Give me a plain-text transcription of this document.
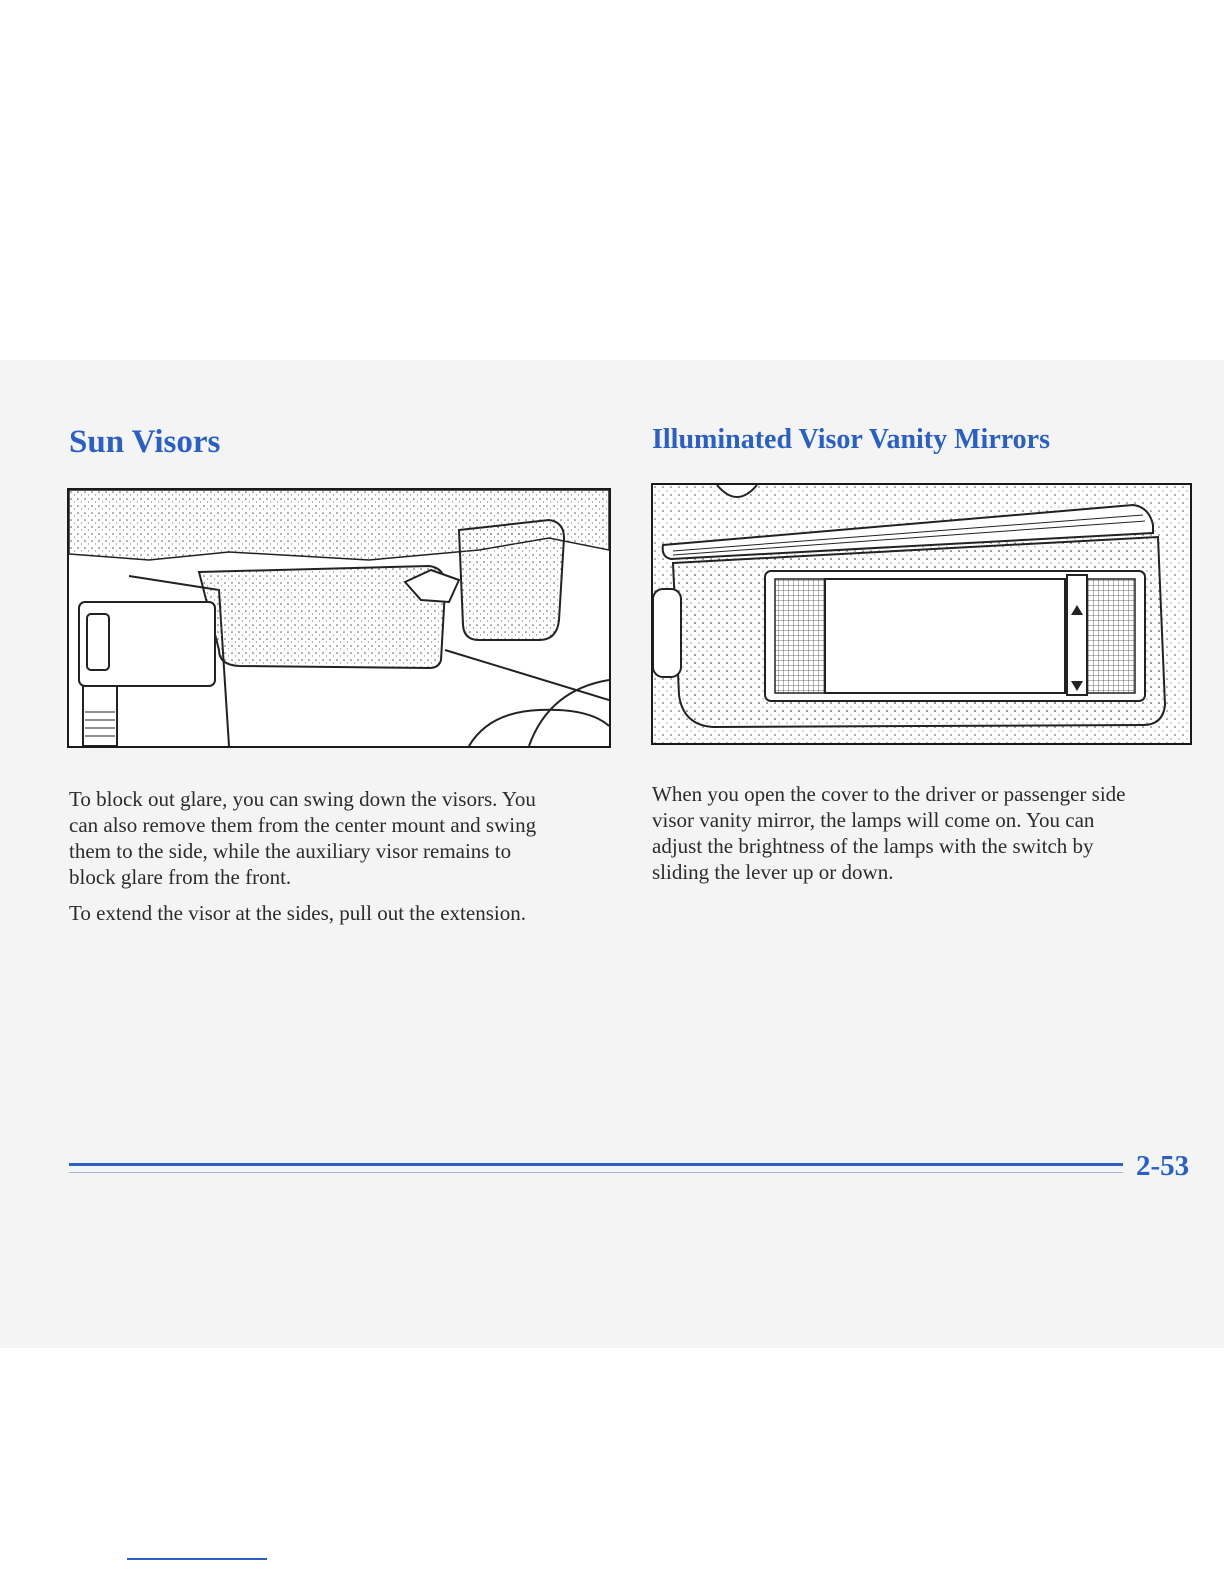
Sun Visors	Illuminated Visor Vanity Mirrors

To block out glare, you can swing down the visors. You
can also remove them from the center mount and swing
them to the side, while the auxiliary visor remains to
block glare from the front.

To extend the visor at the sides, pull out the extension.

When you open the cover to the driver or passenger side
visor vanity mirror, the lamps will come on. You can
adjust the brightness of the lamps with the switch by
sliding the lever up or down.

2-53
